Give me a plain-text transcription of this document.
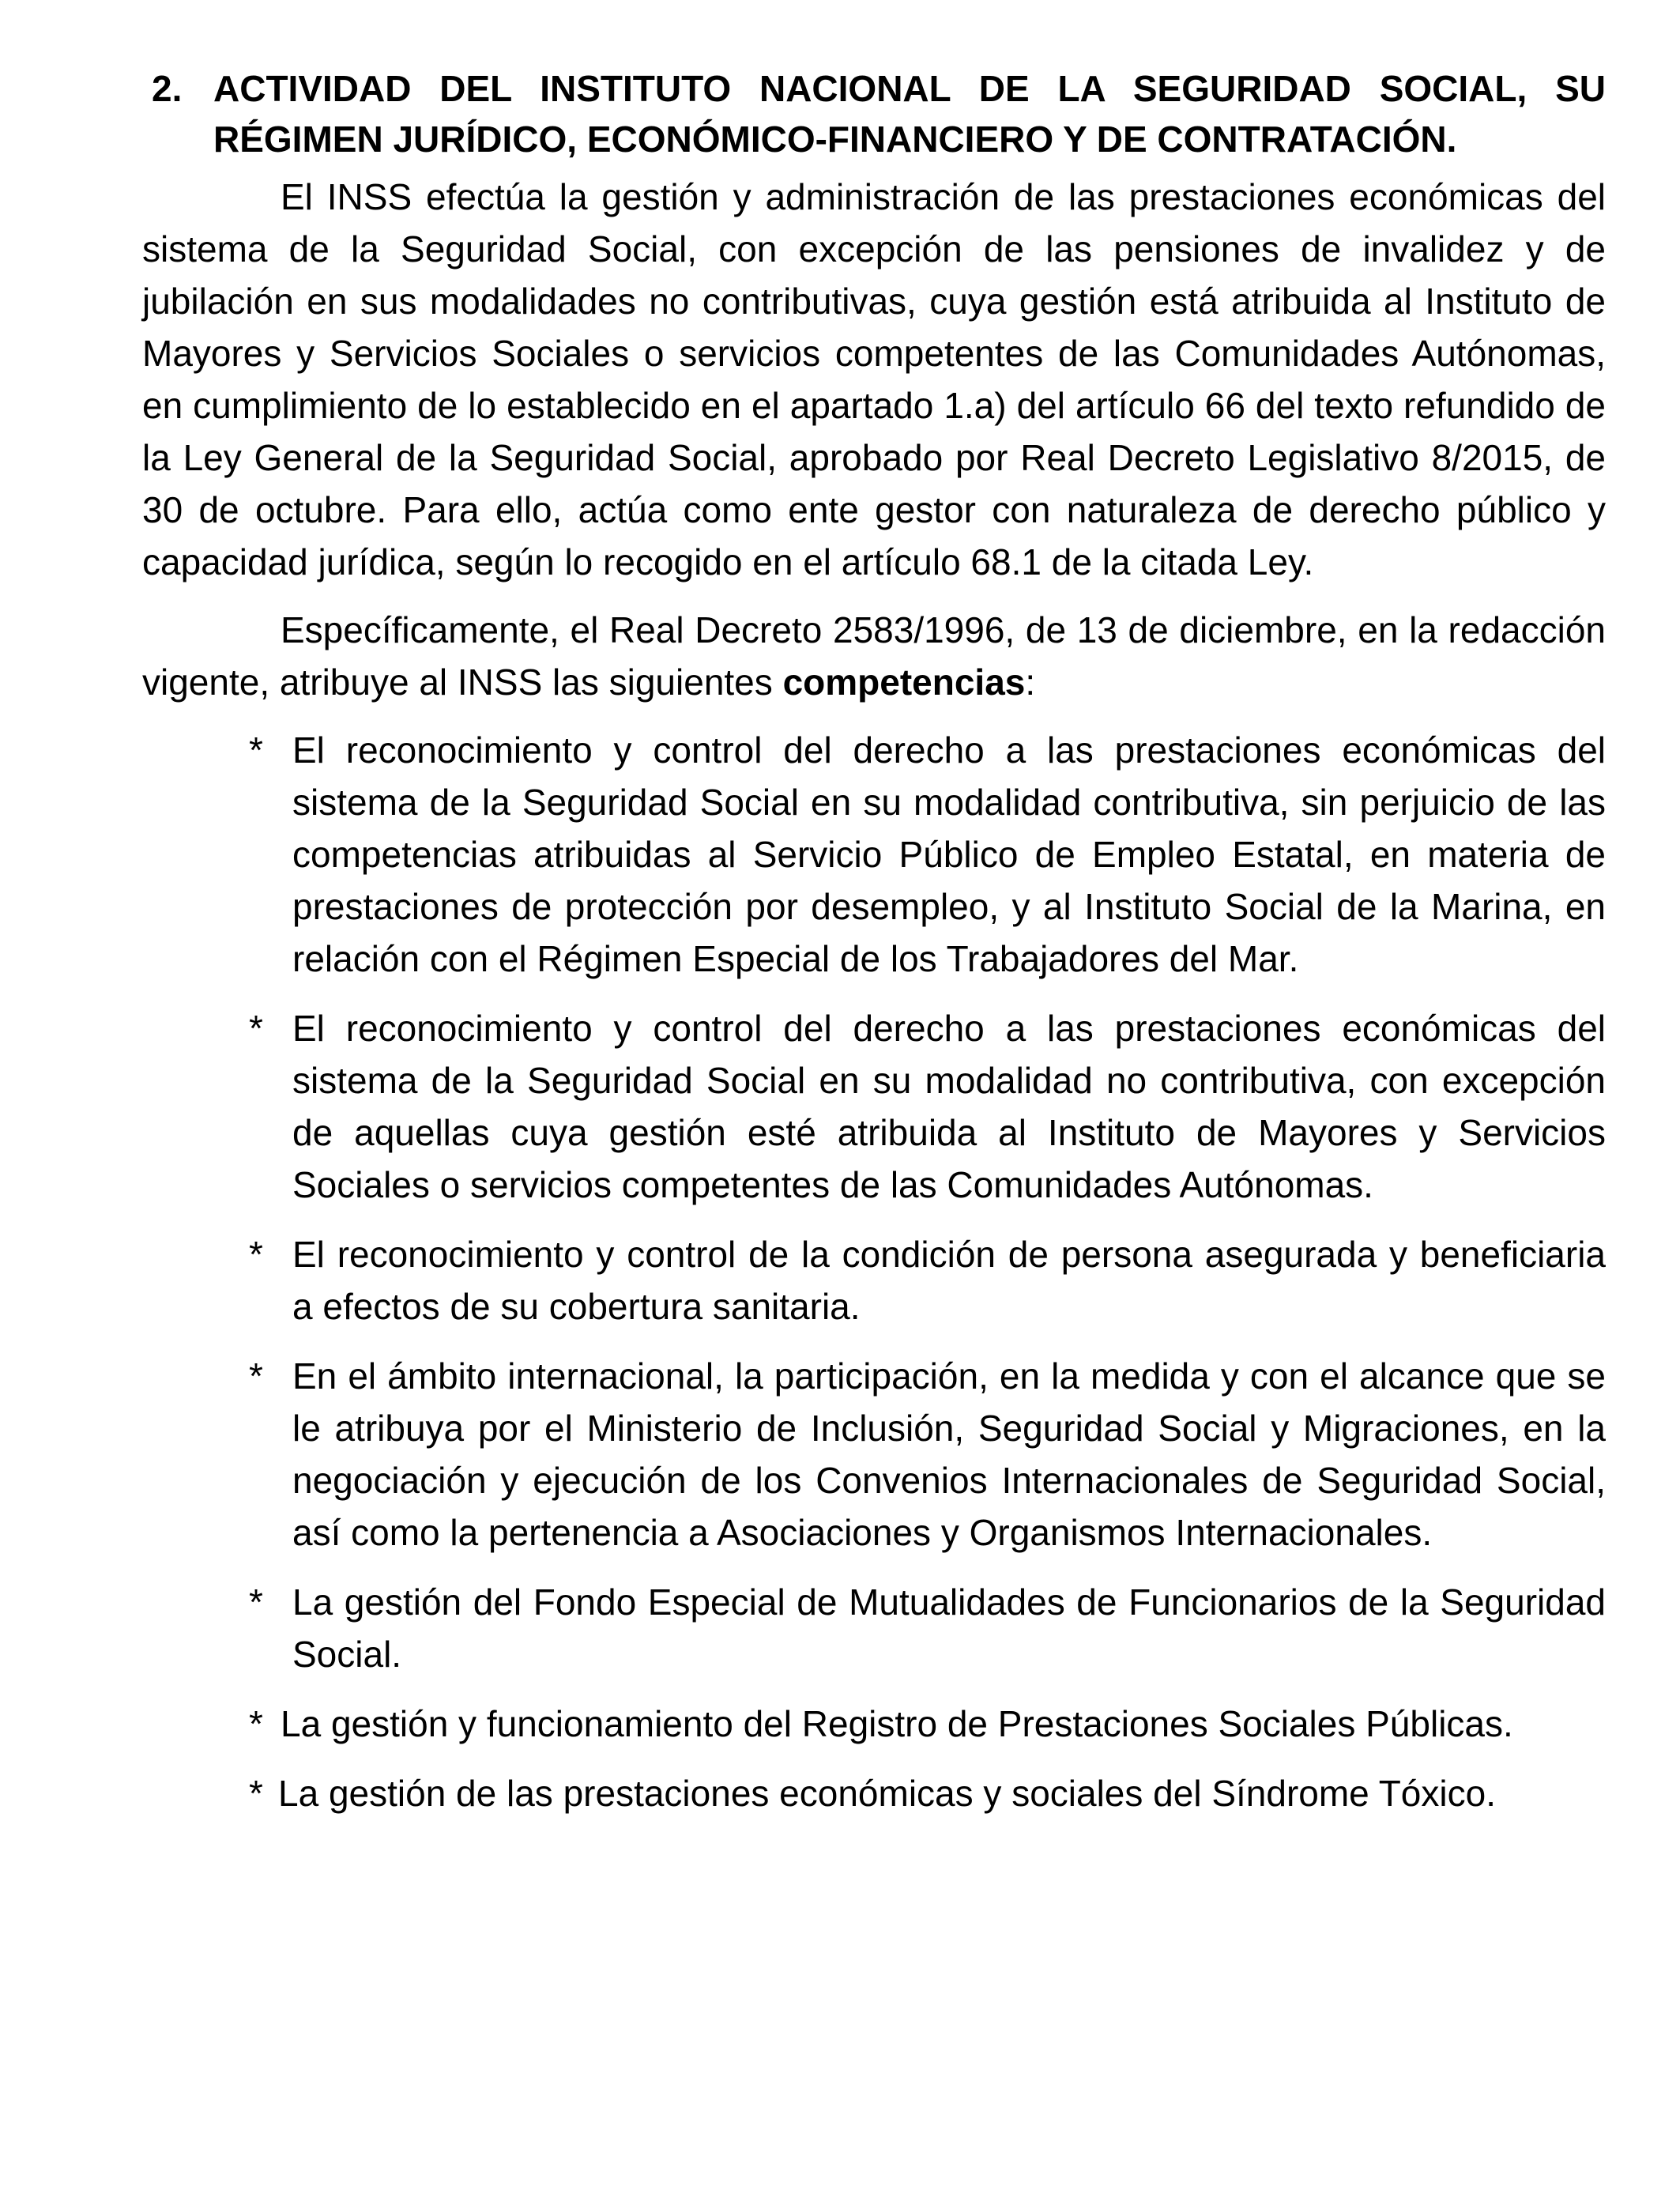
2. ACTIVIDAD DEL INSTITUTO NACIONAL DE LA SEGURIDAD SOCIAL, SU
RÉGIMEN JURÍDICO, ECONÓMICO-FINANCIERO Y DE CONTRATACIÓN.

El INSS efectúa la gestión y administración de las prestaciones económicas del sistema de la Seguridad Social, con excepción de las pensiones de invalidez y de jubilación en sus modalidades no contributivas, cuya gestión está atribuida al Instituto de Mayores y Servicios Sociales o servicios competentes de las Comunidades Autónomas, en cumplimiento de lo establecido en el apartado 1.a) del artículo 66 del texto refundido de la Ley General de la Seguridad Social, aprobado por Real Decreto Legislativo 8/2015, de 30 de octubre. Para ello, actúa como ente gestor con naturaleza de derecho público y capacidad jurídica, según lo recogido en el artículo 68.1 de la citada Ley.

Específicamente, el Real Decreto 2583/1996, de 13 de diciembre, en la redacción vigente, atribuye al INSS las siguientes competencias:

* El reconocimiento y control del derecho a las prestaciones económicas del sistema de la Seguridad Social en su modalidad contributiva, sin perjuicio de las competencias atribuidas al Servicio Público de Empleo Estatal, en materia de prestaciones de protección por desempleo, y al Instituto Social de la Marina, en relación con el Régimen Especial de los Trabajadores del Mar.
* El reconocimiento y control del derecho a las prestaciones económicas del sistema de la Seguridad Social en su modalidad no contributiva, con excepción de aquellas cuya gestión esté atribuida al Instituto de Mayores y Servicios Sociales o servicios competentes de las Comunidades Autónomas.
* El reconocimiento y control de la condición de persona asegurada y beneficiaria a efectos de su cobertura sanitaria.
* En el ámbito internacional, la participación, en la medida y con el alcance que se le atribuya por el Ministerio de Inclusión, Seguridad Social y Migraciones, en la negociación y ejecución de los Convenios Internacionales de Seguridad Social, así como la pertenencia a Asociaciones y Organismos Internacionales.
* La gestión del Fondo Especial de Mutualidades de Funcionarios de la Seguridad Social.
* La gestión y funcionamiento del Registro de Prestaciones Sociales Públicas.
* La gestión de las prestaciones económicas y sociales del Síndrome Tóxico.
